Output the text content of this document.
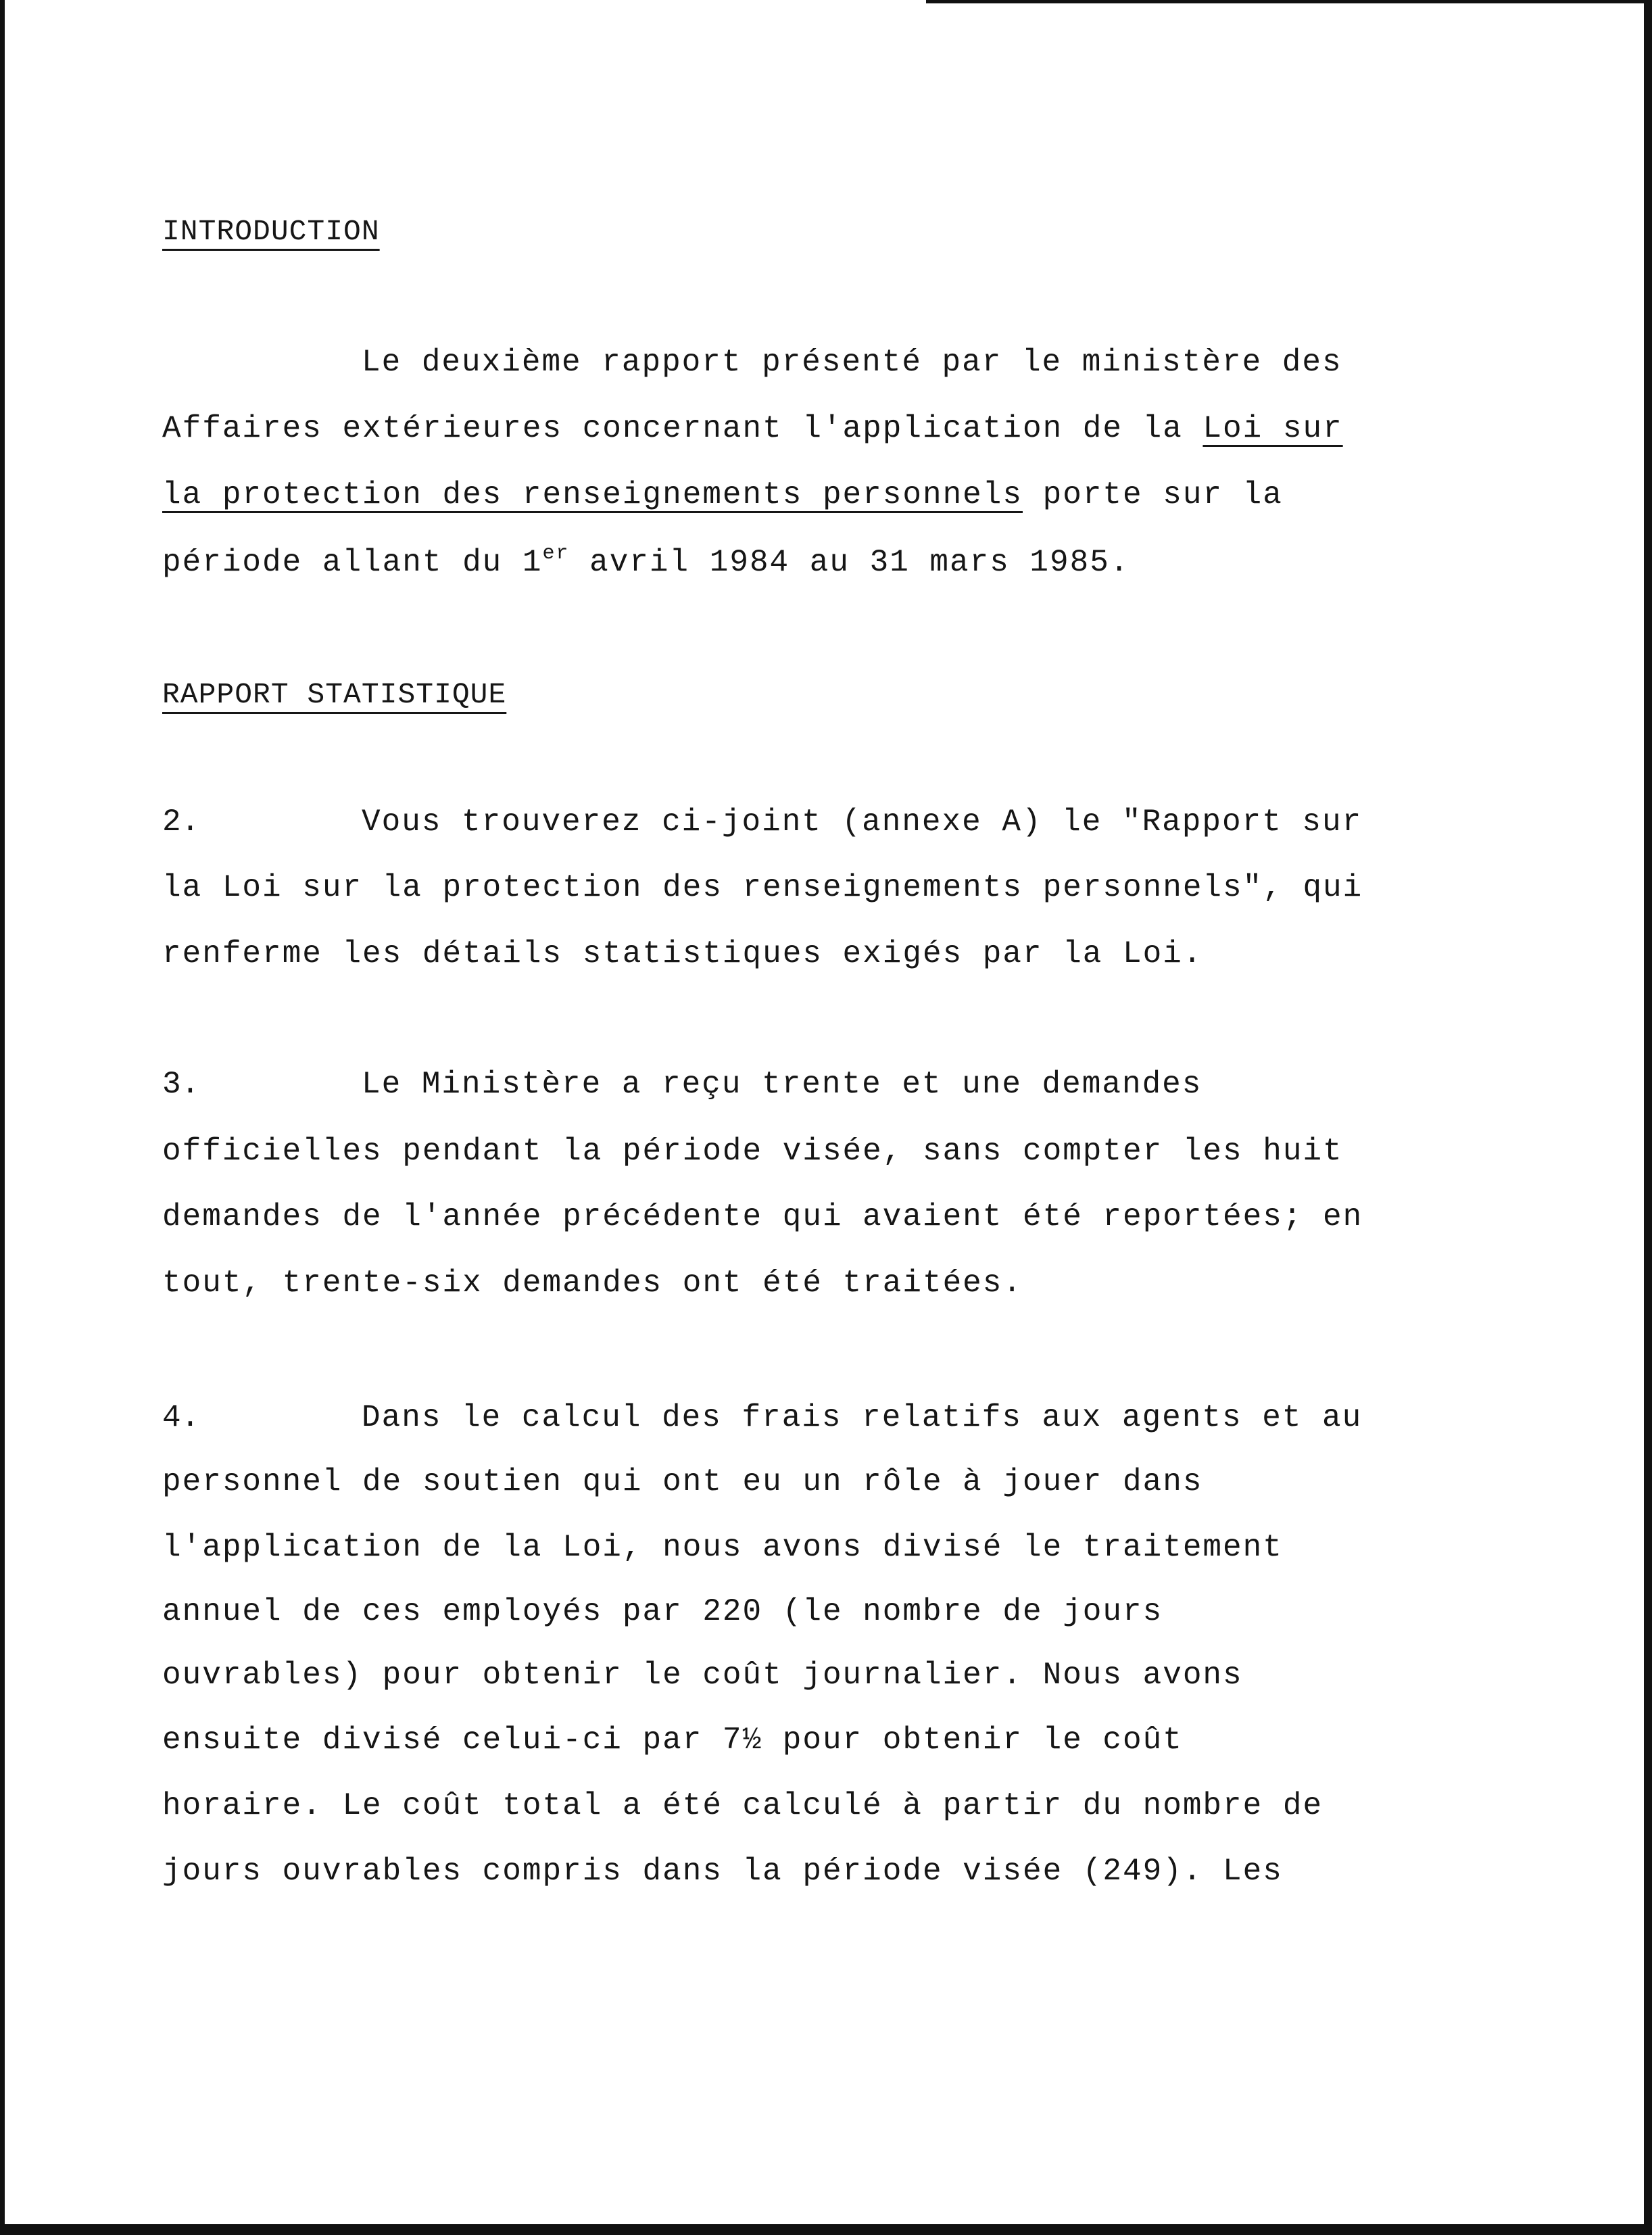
INTRODUCTION
Le deuxième rapport présenté par le ministère des
Affaires extérieures concernant l'application de la Loi sur
la protection des renseignements personnels porte sur la
période allant du 1er avril 1984 au 31 mars 1985.
RAPPORT STATISTIQUE
2.	Vous trouverez ci-joint (annexe A) le "Rapport sur
la Loi sur la protection des renseignements personnels", qui
renferme les détails statistiques exigés par la Loi.
3.	Le Ministère a reçu trente et une demandes
officielles pendant la période visée, sans compter les huit
demandes de l'année précédente qui avaient été reportées; en
tout, trente-six demandes ont été traitées.
4.	Dans le calcul des frais relatifs aux agents et au
personnel de soutien qui ont eu un rôle à jouer dans
l'application de la Loi, nous avons divisé le traitement
annuel de ces employés par 220 (le nombre de jours
ouvrables) pour obtenir le coût journalier. Nous avons
ensuite divisé celui-ci par 7½ pour obtenir le coût
horaire. Le coût total a été calculé à partir du nombre de
jours ouvrables compris dans la période visée (249). Les
